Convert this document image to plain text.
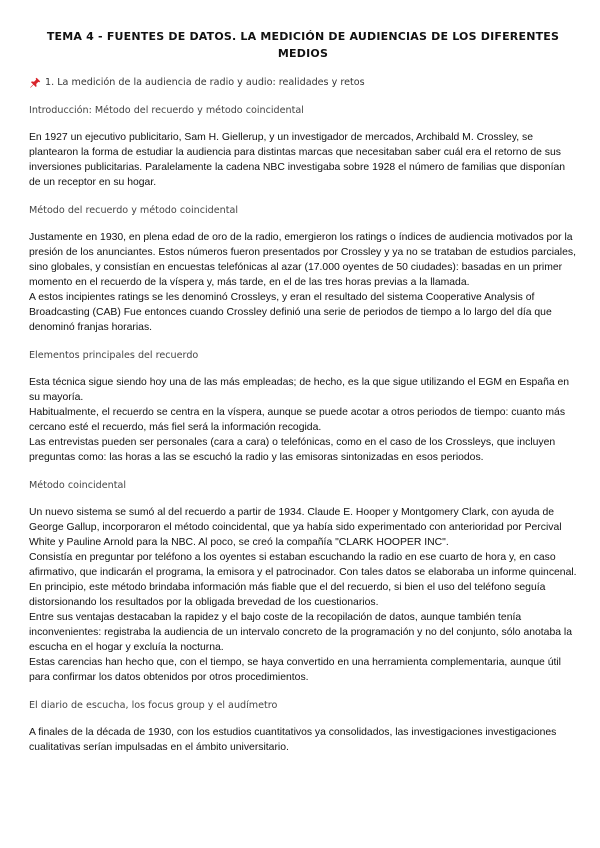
TEMA 4 - FUENTES DE DATOS. LA MEDICIÓN DE AUDIENCIAS DE LOS DIFERENTES MEDIOS
1. La medición de la audiencia de radio y audio: realidades y retos
Introducción: Método del recuerdo y método coincidental

En 1927 un ejecutivo publicitario, Sam H. Giellerup, y un investigador de mercados, Archibald M. Crossley, se plantearon la forma de estudiar la audiencia para distintas marcas que necesitaban saber cuál era el retorno de sus inversiones publicitarias. Paralelamente la cadena NBC investigaba sobre 1928 el número de familias que disponían de un receptor en su hogar.

Método del recuerdo y método coincidental

Justamente en 1930, en plena edad de oro de la radio, emergieron los ratings o índices de audiencia motivados por la presión de los anunciantes. Estos números fueron presentados por Crossley y ya no se trataban de estudios parciales, sino globales, y consistían en encuestas telefónicas al azar (17.000 oyentes de 50 ciudades): basadas en un primer momento en el recuerdo de la víspera y, más tarde, en el de las tres horas previas a la llamada.

A estos incipientes ratings se les denominó Crossleys, y eran el resultado del sistema Cooperative Analysis of Broadcasting (CAB) Fue entonces cuando Crossley definió una serie de periodos de tiempo a lo largo del día que denominó franjas horarias.

Elementos principales del recuerdo

Esta técnica sigue siendo hoy una de las más empleadas; de hecho, es la que sigue utilizando el EGM en España en su mayoría.

Habitualmente, el recuerdo se centra en la víspera, aunque se puede acotar a otros periodos de tiempo: cuanto más cercano esté el recuerdo, más fiel será la información recogida.

Las entrevistas pueden ser personales (cara a cara) o telefónicas, como en el caso de los Crossleys, que incluyen preguntas como: las horas a las se escuchó la radio y las emisoras sintonizadas en esos periodos.

Método coincidental

Un nuevo sistema se sumó al del recuerdo a partir de 1934. Claude E. Hooper y Montgomery Clark, con ayuda de George Gallup, incorporaron el método coincidental, que ya había sido experimentado con anterioridad por Percival White y Pauline Arnold para la NBC. Al poco, se creó la compañía "CLARK HOOPER INC".

Consistía en preguntar por teléfono a los oyentes si estaban escuchando la radio en ese cuarto de hora y, en caso afirmativo, que indicarán el programa, la emisora y el patrocinador. Con tales datos se elaboraba un informe quincenal.

En principio, este método brindaba información más fiable que el del recuerdo, si bien el uso del teléfono seguía distorsionando los resultados por la obligada brevedad de los cuestionarios.

Entre sus ventajas destacaban la rapidez y el bajo coste de la recopilación de datos, aunque también tenía inconvenientes: registraba la audiencia de un intervalo concreto de la programación y no del conjunto, sólo anotaba la escucha en el hogar y excluía la nocturna.

Estas carencias han hecho que, con el tiempo, se haya convertido en una herramienta complementaria, aunque útil para confirmar los datos obtenidos por otros procedimientos.

El diario de escucha, los focus group y el audímetro

A finales de la década de 1930, con los estudios cuantitativos ya consolidados, las investigaciones investigaciones cualitativas serían impulsadas en el ámbito universitario.
